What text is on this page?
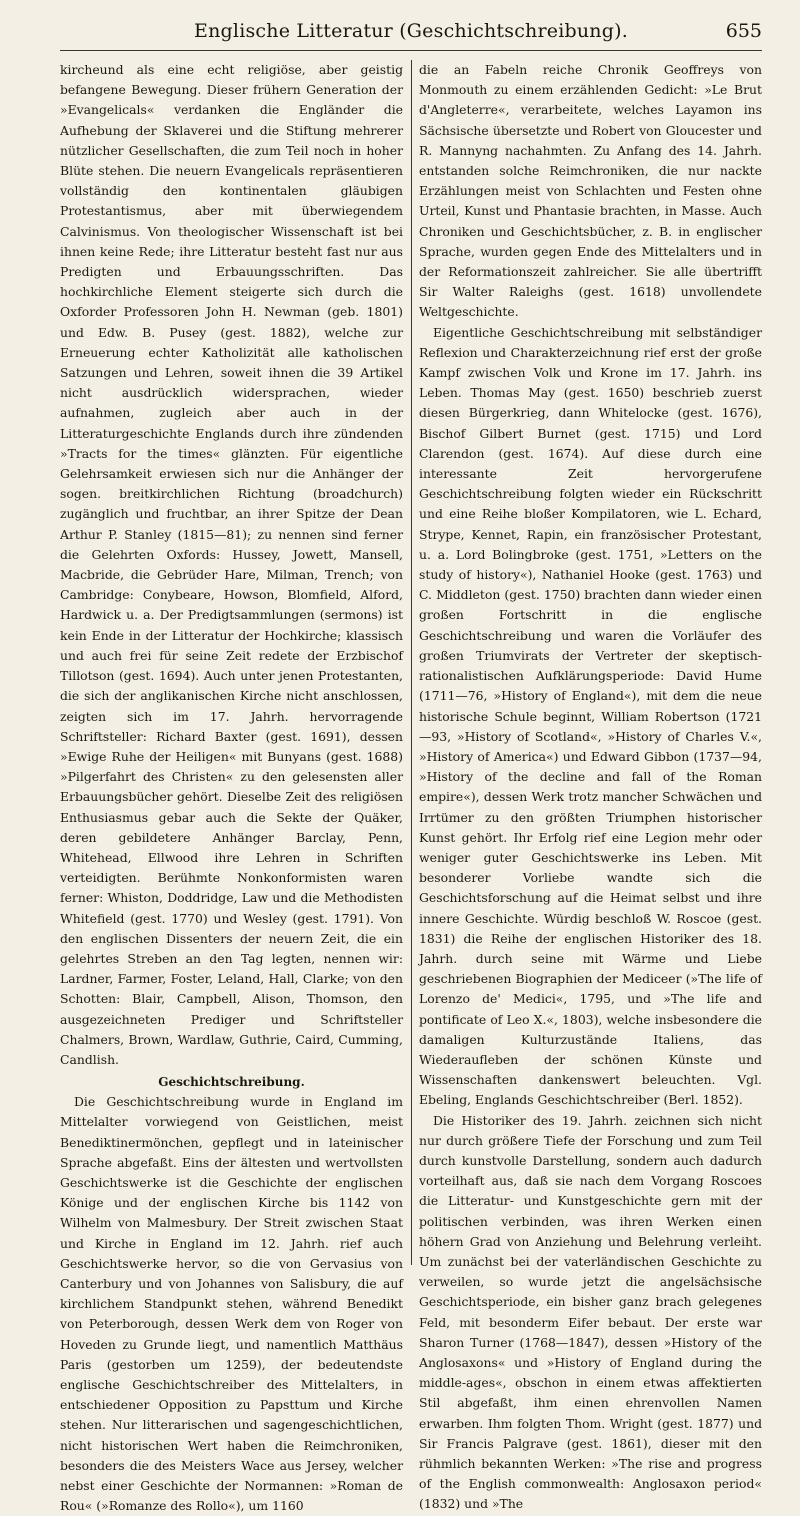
Englische Litteratur (Geschichtschreibung).	655

kircheund als eine echt religiöse, aber geistig befangene Bewegung. Dieser frühern Generation der »Evangelicals« verdanken die Engländer die Aufhebung der Sklaverei und die Stiftung mehrerer nützlicher Gesellschaften, die zum Teil noch in hoher Blüte stehen. Die neuern Evangelicals repräsentieren vollständig den kontinentalen gläubigen Protestantismus, aber mit überwiegendem Calvinismus. Von theologischer Wissenschaft ist bei ihnen keine Rede; ihre Litteratur besteht fast nur aus Predigten und Erbauungsschriften. Das hochkirchliche Element steigerte sich durch die Oxforder Professoren John H. Newman (geb. 1801) und Edw. B. Pusey (gest. 1882), welche zur Erneuerung echter Katholizität alle katholischen Satzungen und Lehren, soweit ihnen die 39 Artikel nicht ausdrücklich widersprachen, wieder aufnahmen, zugleich aber auch in der Litteraturgeschichte Englands durch ihre zündenden »Tracts for the times« glänzten. Für eigentliche Gelehrsamkeit erwiesen sich nur die Anhänger der sogen. breitkirchlichen Richtung (broadchurch) zugänglich und fruchtbar, an ihrer Spitze der Dean Arthur P. Stanley (1815—81); zu nennen sind ferner die Gelehrten Oxfords: Hussey, Jowett, Mansell, Macbride, die Gebrüder Hare, Milman, Trench; von Cambridge: Conybeare, Howson, Blomfield, Alford, Hardwick u. a. Der Predigtsammlungen (sermons) ist kein Ende in der Litteratur der Hochkirche; klassisch und auch frei für seine Zeit redete der Erzbischof Tillotson (gest. 1694). Auch unter jenen Protestanten, die sich der anglikanischen Kirche nicht anschlossen, zeigten sich im 17. Jahrh. hervorragende Schriftsteller: Richard Baxter (gest. 1691), dessen »Ewige Ruhe der Heiligen« mit Bunyans (gest. 1688) »Pilgerfahrt des Christen« zu den gelesensten aller Erbauungsbücher gehört. Dieselbe Zeit des religiösen Enthusiasmus gebar auch die Sekte der Quäker, deren gebildetere Anhänger Barclay, Penn, Whitehead, Ellwood ihre Lehren in Schriften verteidigten. Berühmte Nonkonformisten waren ferner: Whiston, Doddridge, Law und die Methodisten Whitefield (gest. 1770) und Wesley (gest. 1791). Von den englischen Dissenters der neuern Zeit, die ein gelehrtes Streben an den Tag legten, nennen wir: Lardner, Farmer, Foster, Leland, Hall, Clarke; von den Schotten: Blair, Campbell, Alison, Thomson, den ausgezeichneten Prediger und Schriftsteller Chalmers, Brown, Wardlaw, Guthrie, Caird, Cumming, Candlish.

Geschichtschreibung.

Die Geschichtschreibung wurde in England im Mittelalter vorwiegend von Geistlichen, meist Benediktinermönchen, gepflegt und in lateinischer Sprache abgefaßt. Eins der ältesten und wertvollsten Geschichtswerke ist die Geschichte der englischen Könige und der englischen Kirche bis 1142 von Wilhelm von Malmesbury. Der Streit zwischen Staat und Kirche in England im 12. Jahrh. rief auch Geschichtswerke hervor, so die von Gervasius von Canterbury und von Johannes von Salisbury, die auf kirchlichem Standpunkt stehen, während Benedikt von Peterborough, dessen Werk dem von Roger von Hoveden zu Grunde liegt, und namentlich Matthäus Paris (gestorben um 1259), der bedeutendste englische Geschichtschreiber des Mittelalters, in entschiedener Opposition zu Papsttum und Kirche stehen. Nur litterarischen und sagengeschichtlichen, nicht historischen Wert haben die Reimchroniken, besonders die des Meisters Wace aus Jersey, welcher nebst einer Geschichte der Normannen: »Roman de Rou« (»Romanze des Rollo«), um 1160

die an Fabeln reiche Chronik Geoffreys von Monmouth zu einem erzählenden Gedicht: »Le Brut d'Angleterre«, verarbeitete, welches Layamon ins Sächsische übersetzte und Robert von Gloucester und R. Mannyng nachahmten. Zu Anfang des 14. Jahrh. entstanden solche Reimchroniken, die nur nackte Erzählungen meist von Schlachten und Festen ohne Urteil, Kunst und Phantasie brachten, in Masse. Auch Chroniken und Geschichtsbücher, z. B. in englischer Sprache, wurden gegen Ende des Mittelalters und in der Reformationszeit zahlreicher. Sie alle übertrifft Sir Walter Raleighs (gest. 1618) unvollendete Weltgeschichte.

Eigentliche Geschichtschreibung mit selbständiger Reflexion und Charakterzeichnung rief erst der große Kampf zwischen Volk und Krone im 17. Jahrh. ins Leben. Thomas May (gest. 1650) beschrieb zuerst diesen Bürgerkrieg, dann Whitelocke (gest. 1676), Bischof Gilbert Burnet (gest. 1715) und Lord Clarendon (gest. 1674). Auf diese durch eine interessante Zeit hervorgerufene Geschichtschreibung folgten wieder ein Rückschritt und eine Reihe bloßer Kompilatoren, wie L. Echard, Strype, Kennet, Rapin, ein französischer Protestant, u. a. Lord Bolingbroke (gest. 1751, »Letters on the study of history«), Nathaniel Hooke (gest. 1763) und C. Middleton (gest. 1750) brachten dann wieder einen großen Fortschritt in die englische Geschichtschreibung und waren die Vorläufer des großen Triumvirats der Vertreter der skeptisch-rationalistischen Aufklärungsperiode: David Hume (1711—76, »History of England«), mit dem die neue historische Schule beginnt, William Robertson (1721—93, »History of Scotland«, »History of Charles V.«, »History of America«) und Edward Gibbon (1737—94, »History of the decline and fall of the Roman empire«), dessen Werk trotz mancher Schwächen und Irrtümer zu den größten Triumphen historischer Kunst gehört. Ihr Erfolg rief eine Legion mehr oder weniger guter Geschichtswerke ins Leben. Mit besonderer Vorliebe wandte sich die Geschichtsforschung auf die Heimat selbst und ihre innere Geschichte. Würdig beschloß W. Roscoe (gest. 1831) die Reihe der englischen Historiker des 18. Jahrh. durch seine mit Wärme und Liebe geschriebenen Biographien der Mediceer (»The life of Lorenzo de' Medici«, 1795, und »The life and pontificate of Leo X.«, 1803), welche insbesondere die damaligen Kulturzustände Italiens, das Wiederaufleben der schönen Künste und Wissenschaften dankenswert beleuchten. Vgl. Ebeling, Englands Geschichtschreiber (Berl. 1852).

Die Historiker des 19. Jahrh. zeichnen sich nicht nur durch größere Tiefe der Forschung und zum Teil durch kunstvolle Darstellung, sondern auch dadurch vorteilhaft aus, daß sie nach dem Vorgang Roscoes die Litteratur- und Kunstgeschichte gern mit der politischen verbinden, was ihren Werken einen höhern Grad von Anziehung und Belehrung verleiht. Um zunächst bei der vaterländischen Geschichte zu verweilen, so wurde jetzt die angelsächsische Geschichtsperiode, ein bisher ganz brach gelegenes Feld, mit besonderm Eifer bebaut. Der erste war Sharon Turner (1768—1847), dessen »History of the Anglosaxons« und »History of England during the middle-ages«, obschon in einem etwas affektierten Stil abgefaßt, ihm einen ehrenvollen Namen erwarben. Ihm folgten Thom. Wright (gest. 1877) und Sir Francis Palgrave (gest. 1861), dieser mit den rühmlich bekannten Werken: »The rise and progress of the English commonwealth: Anglosaxon period« (1832) und »The
